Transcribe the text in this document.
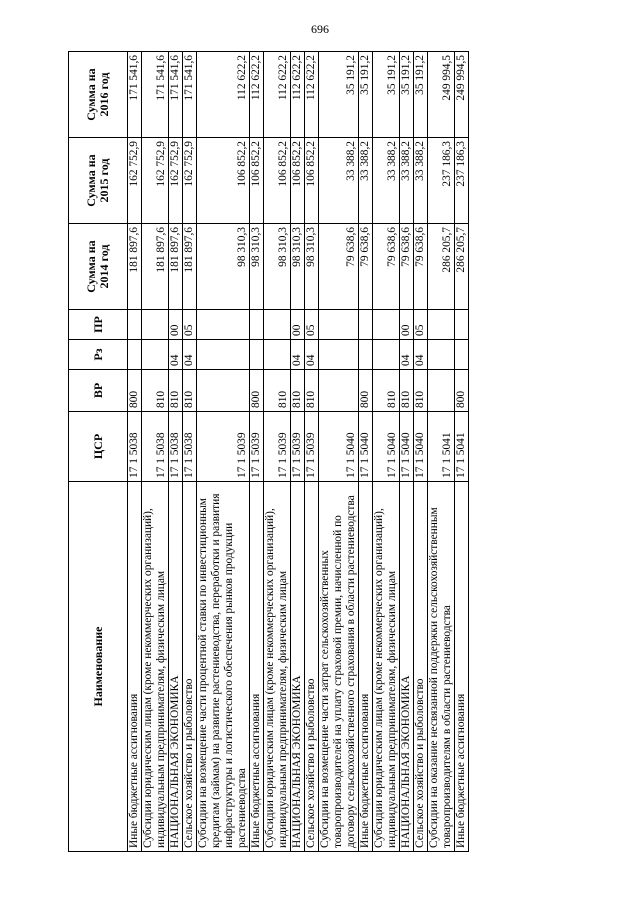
696
Наименование	ЦСР	ВР	Рз	ПР	Сумма на 2014 год	Сумма на 2015 год	Сумма на 2016 год
Иные бюджетные ассигнования	17 1 5038	800			181 897,6	162 752,9	171 541,6
Субсидии юридическим лицам (кроме некоммерческих организаций), индивидуальным предпринимателям, физическим лицам	17 1 5038	810			181 897,6	162 752,9	171 541,6
НАЦИОНАЛЬНАЯ ЭКОНОМИКА	17 1 5038	810	04	00	181 897,6	162 752,9	171 541,6
Сельское хозяйство и рыболовство	17 1 5038	810	04	05	181 897,6	162 752,9	171 541,6
Субсидии на возмещение части процентной ставки по инвестиционным кредитам (займам) на развитие растениеводства, переработки и развития инфраструктуры и логистического обеспечения рынков продукции растениеводства	17 1 5039				98 310,3	106 852,2	112 622,2
Иные бюджетные ассигнования	17 1 5039	800			98 310,3	106 852,2	112 622,2
Субсидии юридическим лицам (кроме некоммерческих организаций), индивидуальным предпринимателям, физическим лицам	17 1 5039	810			98 310,3	106 852,2	112 622,2
НАЦИОНАЛЬНАЯ ЭКОНОМИКА	17 1 5039	810	04	00	98 310,3	106 852,2	112 622,2
Сельское хозяйство и рыболовство	17 1 5039	810	04	05	98 310,3	106 852,2	112 622,2
Субсидии на возмещение части затрат сельскохозяйственных товаропроизводителей на уплату страховой премии, начисленной по договору сельскохозяйственного страхования в области растениеводства	17 1 5040				79 638,6	33 388,2	35 191,2
Иные бюджетные ассигнования	17 1 5040	800			79 638,6	33 388,2	35 191,2
Субсидии юридическим лицам (кроме некоммерческих организаций), индивидуальным предпринимателям, физическим лицам	17 1 5040	810			79 638,6	33 388,2	35 191,2
НАЦИОНАЛЬНАЯ ЭКОНОМИКА	17 1 5040	810	04	00	79 638,6	33 388,2	35 191,2
Сельское хозяйство и рыболовство	17 1 5040	810	04	05	79 638,6	33 388,2	35 191,2
Субсидии на оказание несвязанной поддержки сельскохозяйственным товаропроизводителям в области растениеводства	17 1 5041				286 205,7	237 186,3	249 994,5
Иные бюджетные ассигнования	17 1 5041	800			286 205,7	237 186,3	249 994,5
